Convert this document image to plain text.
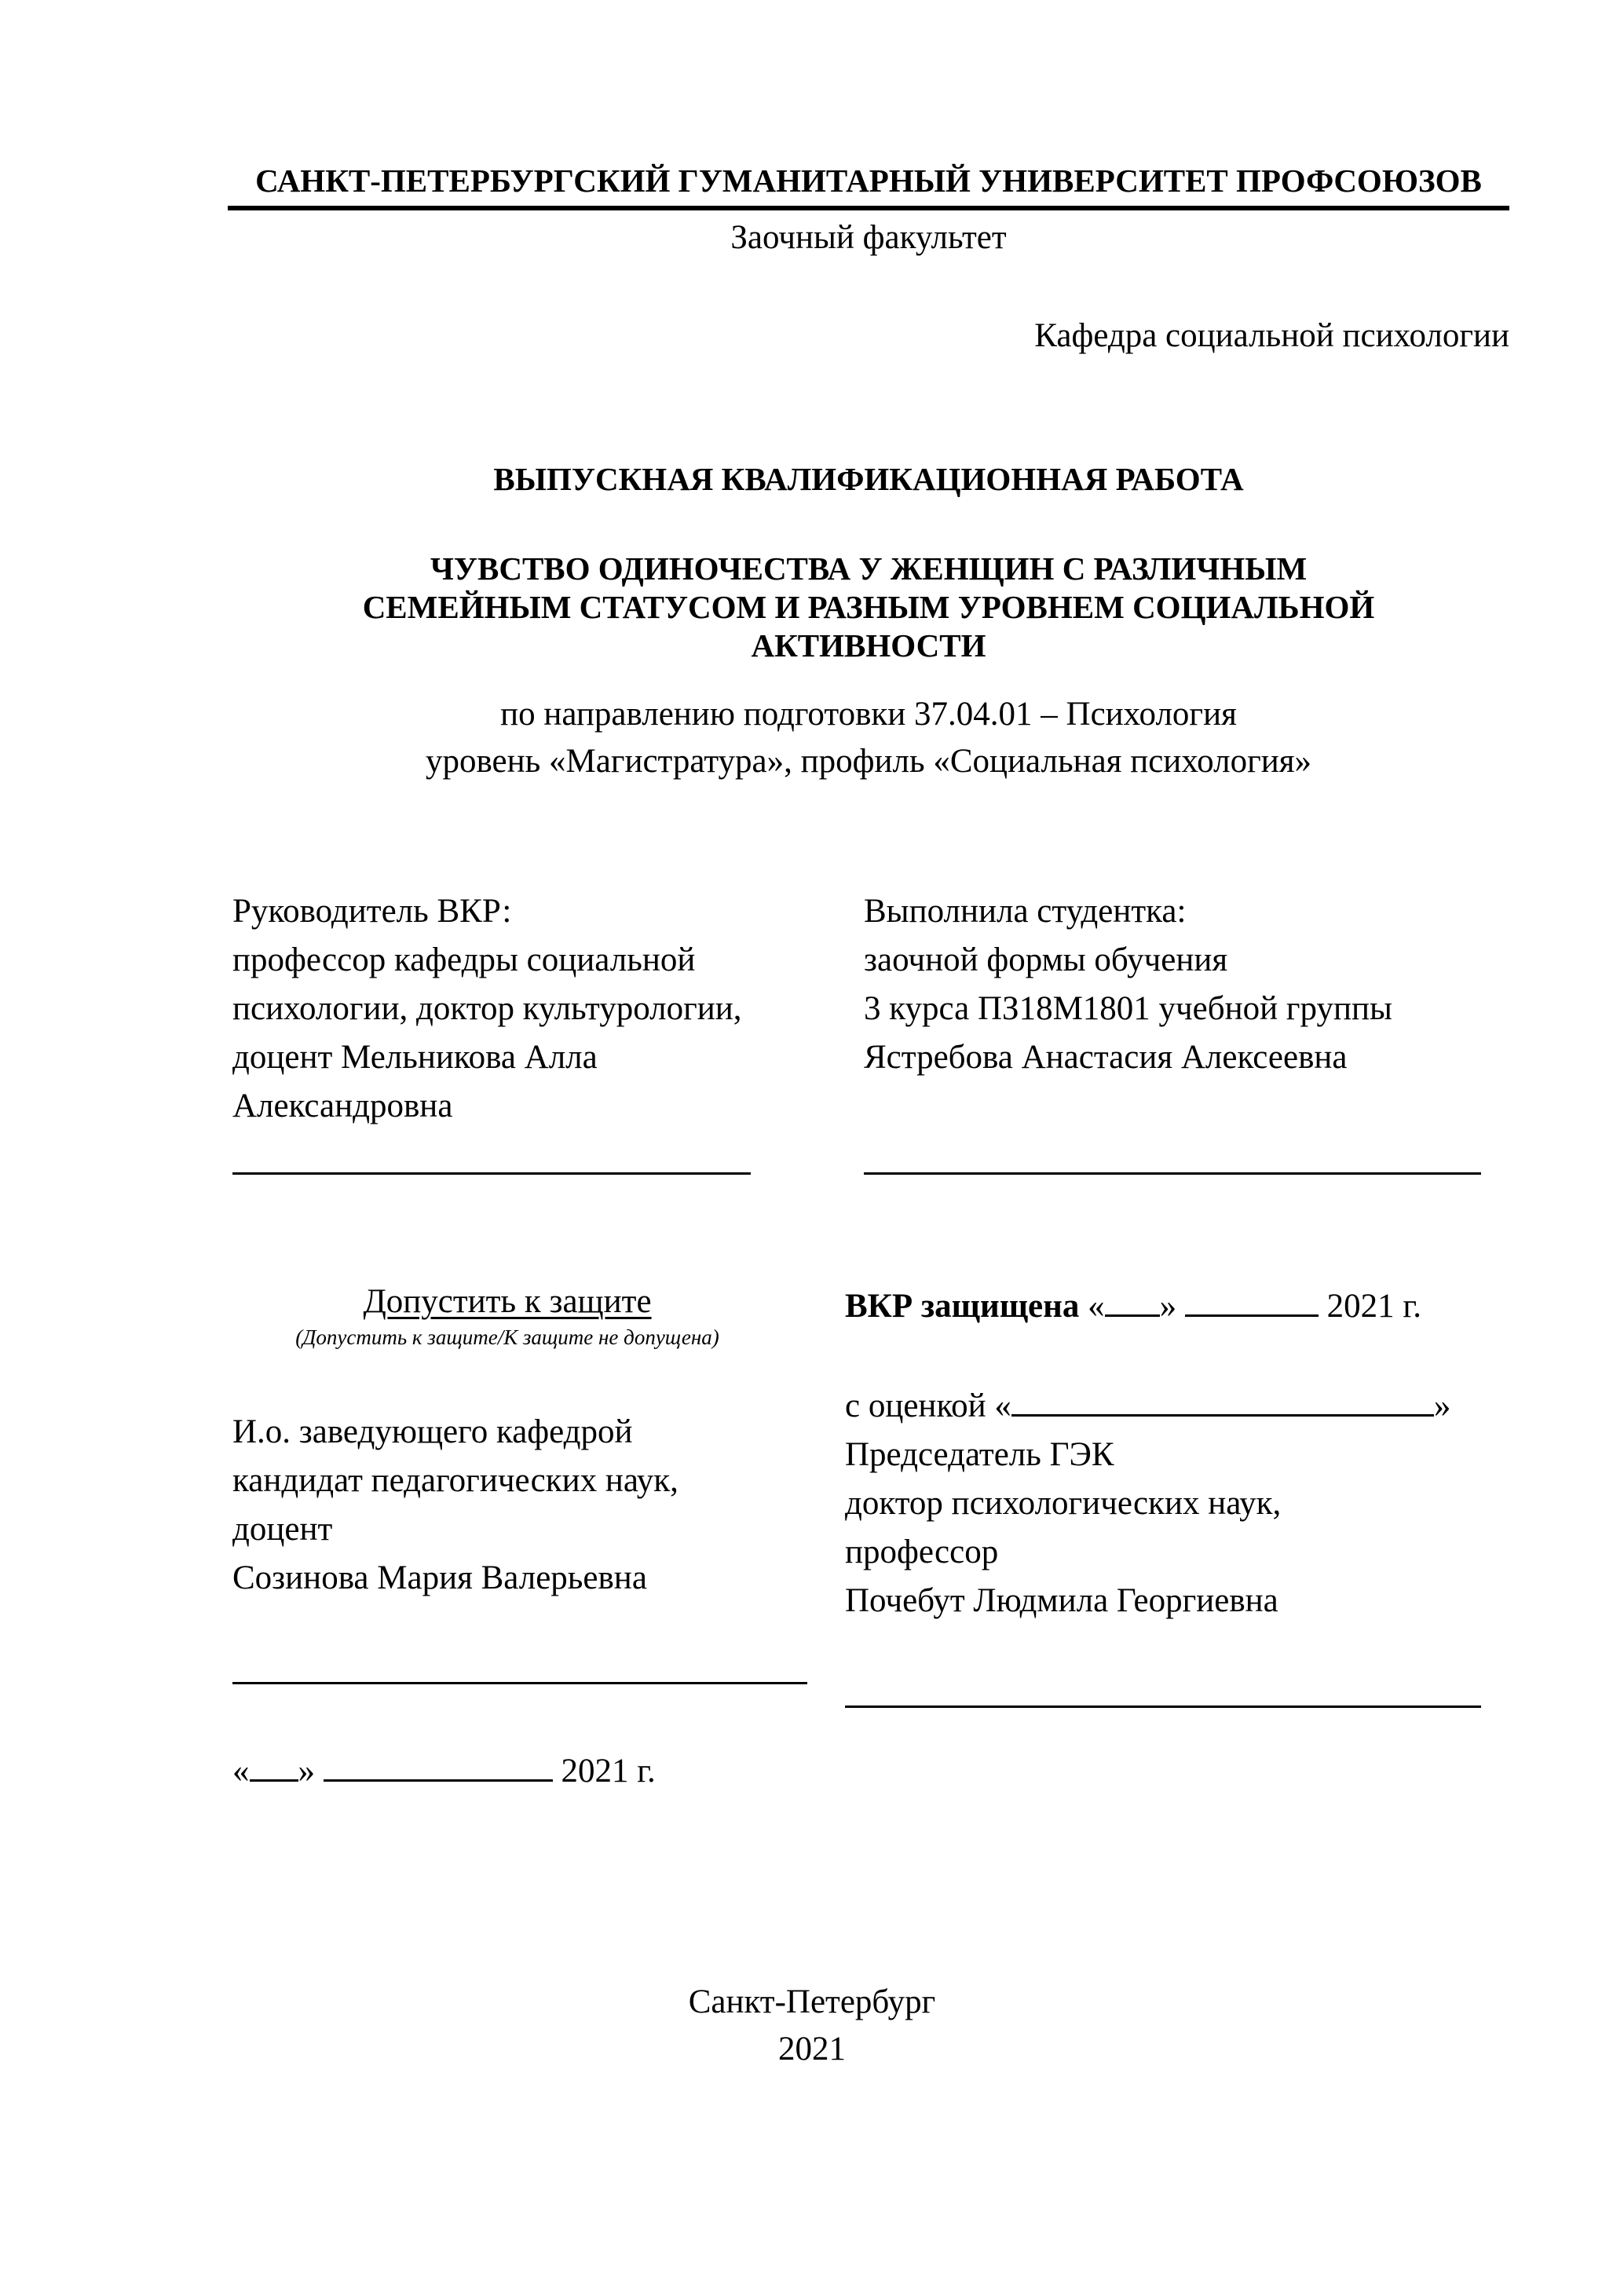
САНКТ-ПЕТЕРБУРГСКИЙ ГУМАНИТАРНЫЙ УНИВЕРСИТЕТ ПРОФСОЮЗОВ
Заочный факультет
Кафедра социальной психологии
ВЫПУСКНАЯ КВАЛИФИКАЦИОННАЯ РАБОТА
ЧУВСТВО ОДИНОЧЕСТВА У ЖЕНЩИН С РАЗЛИЧНЫМ
СЕМЕЙНЫМ СТАТУСОМ И РАЗНЫМ УРОВНЕМ СОЦИАЛЬНОЙ
АКТИВНОСТИ
по направлению подготовки 37.04.01 – Психология
уровень «Магистратура», профиль «Социальная психология»
Руководитель ВКР:
профессор кафедры социальной
психологии, доктор культурологии,
доцент Мельникова Алла
Александровна
Выполнила студентка:
заочной формы обучения
3 курса ПЗ18М1801 учебной группы
Ястребова Анастасия Алексеевна
Допустить к защите
(Допустить к защите/К защите не допущена)
И.о. заведующего кафедрой
кандидат педагогических наук,
доцент
Созинова Мария Валерьевна
« »	2021 г.
ВКР защищена « »	2021 г.
с оценкой «	»
Председатель ГЭК
доктор психологических наук,
профессор
Почебут Людмила Георгиевна
Санкт-Петербург
2021
